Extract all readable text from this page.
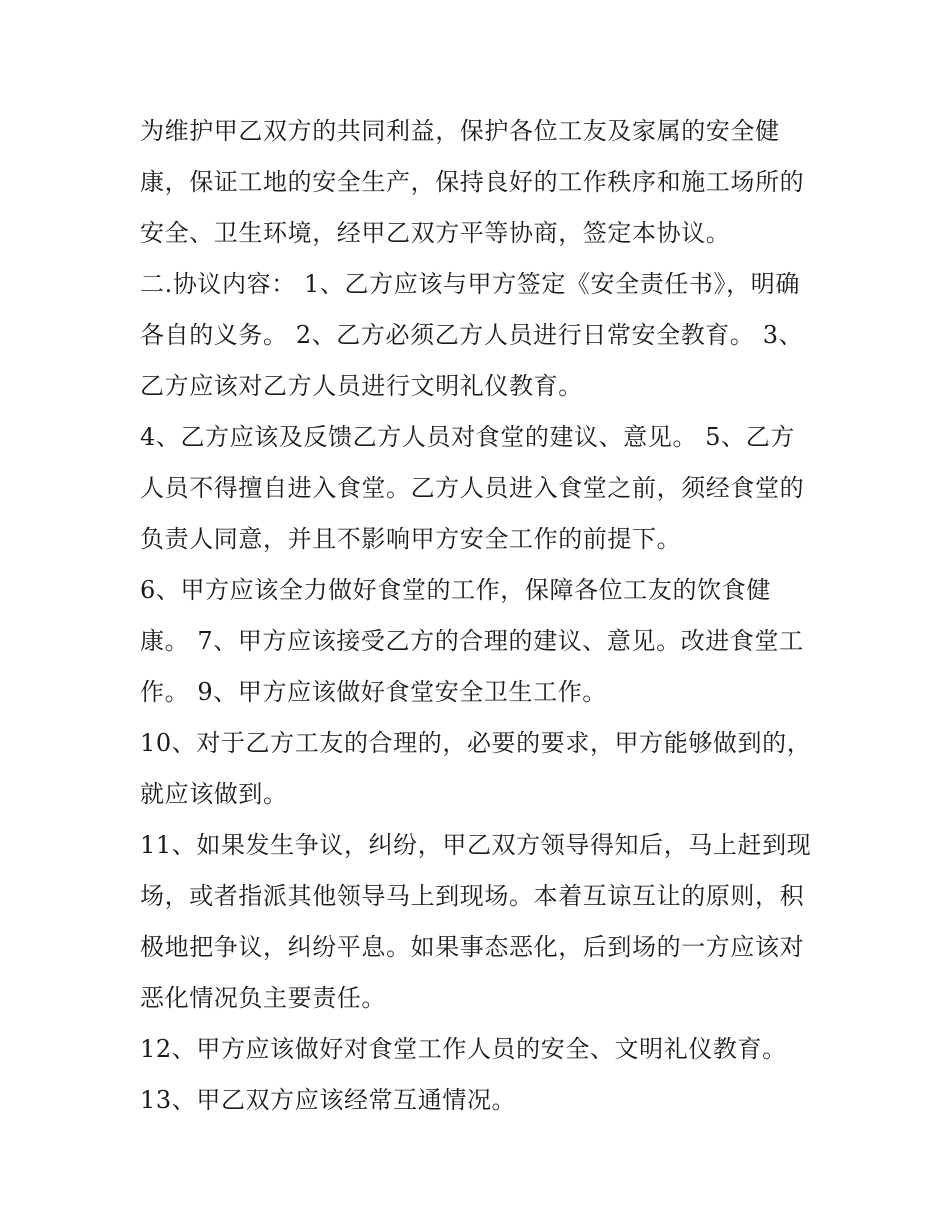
为维护甲乙双方的共同利益，保护各位工友及家属的安全健
康，保证工地的安全生产，保持良好的工作秩序和施工场所的
安全、卫生环境，经甲乙双方平等协商，签定本协议。
二.协议内容： 1、乙方应该与甲方签定《安全责任书》，明确
各自的义务。 2、乙方必须乙方人员进行日常安全教育。 3、
乙方应该对乙方人员进行文明礼仪教育。
4、乙方应该及反馈乙方人员对食堂的建议、意见。 5、乙方
人员不得擅自进入食堂。乙方人员进入食堂之前，须经食堂的
负责人同意，并且不影响甲方安全工作的前提下。
6、甲方应该全力做好食堂的工作，保障各位工友的饮食健
康。 7、甲方应该接受乙方的合理的建议、意见。改进食堂工
作。 9、甲方应该做好食堂安全卫生工作。
10、对于乙方工友的合理的，必要的要求，甲方能够做到的，
就应该做到。
11、如果发生争议，纠纷，甲乙双方领导得知后，马上赶到现
场，或者指派其他领导马上到现场。本着互谅互让的原则，积
极地把争议，纠纷平息。如果事态恶化，后到场的一方应该对
恶化情况负主要责任。
12、甲方应该做好对食堂工作人员的安全、文明礼仪教育。
13、甲乙双方应该经常互通情况。
